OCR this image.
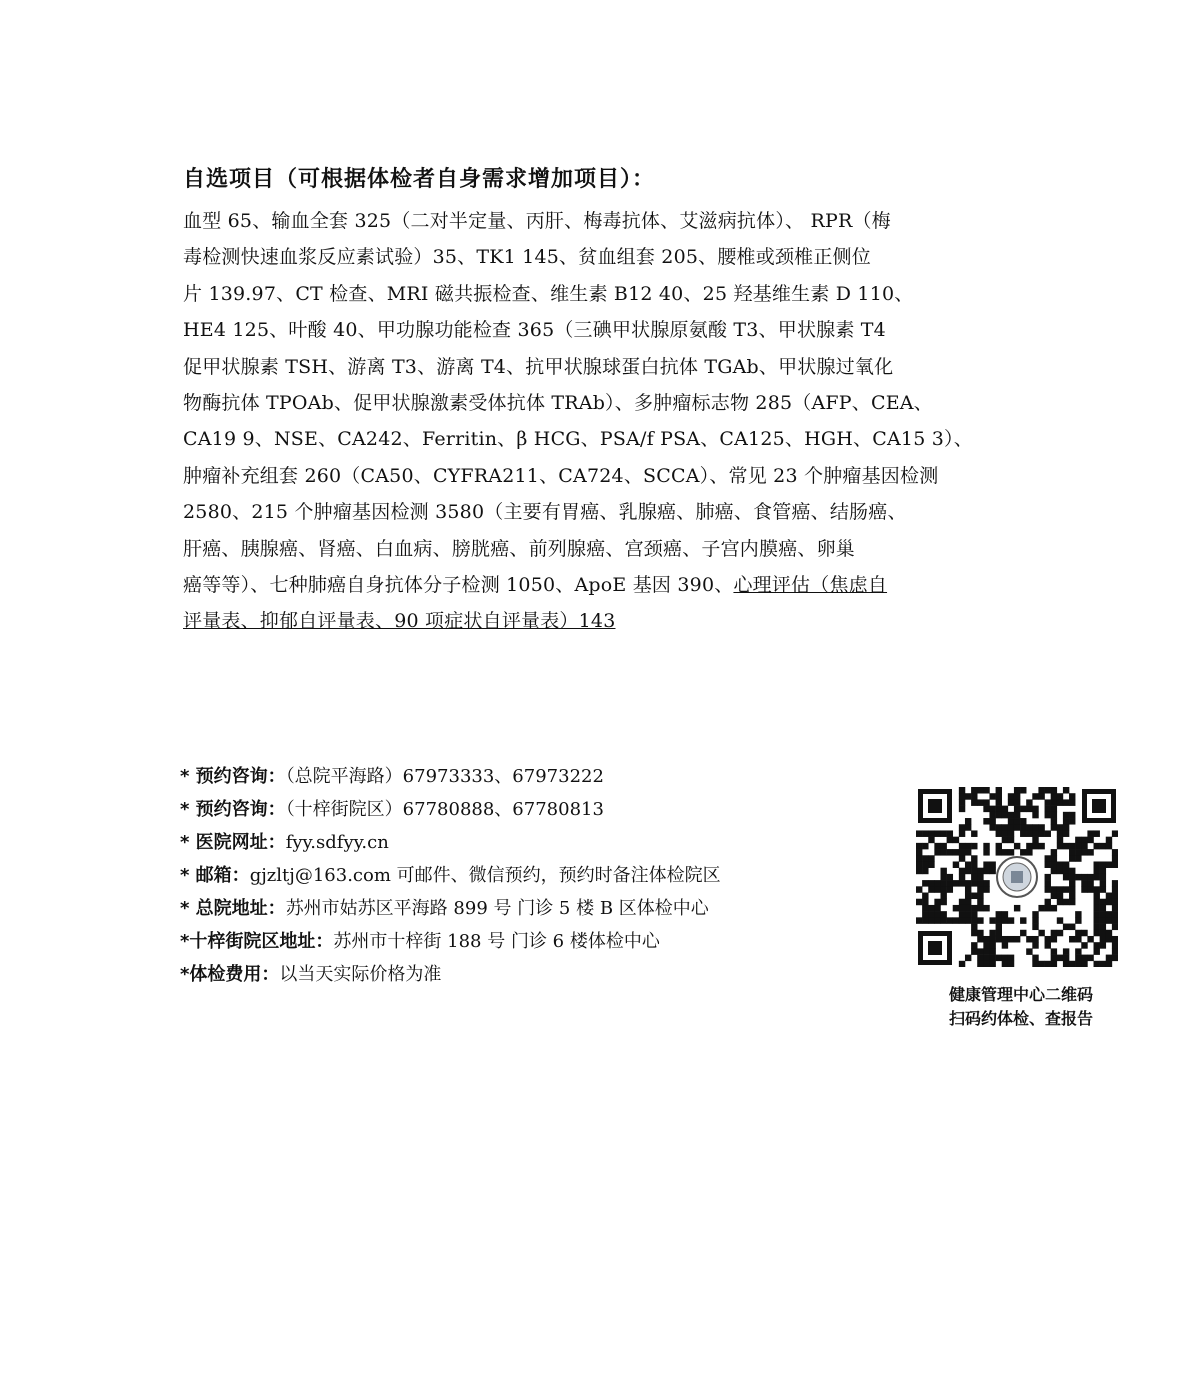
自选项目（可根据体检者自身需求增加项目）：
血型 65、输血全套 325（二对半定量、丙肝、梅毒抗体、艾滋病抗体）、 RPR（梅
毒检测快速血浆反应素试验）35、TK1 145、贫血组套 205、腰椎或颈椎正侧位
片 139.97、CT 检查、MRI 磁共振检查、维生素 B12 40、25 羟基维生素 D 110、
HE4 125、叶酸 40、甲功腺功能检查 365（三碘甲状腺原氨酸 T3、甲状腺素 T4
促甲状腺素 TSH、游离 T3、游离 T4、抗甲状腺球蛋白抗体 TGAb、甲状腺过氧化
物酶抗体 TPOAb、促甲状腺激素受体抗体 TRAb）、多肿瘤标志物 285（AFP、CEA、
CA19 9、NSE、CA242、Ferritin、β HCG、PSA/f PSA、CA125、HGH、CA15 3）、
肿瘤补充组套 260（CA50、CYFRA211、CA724、SCCA）、常见 23 个肿瘤基因检测
2580、215 个肿瘤基因检测 3580（主要有胃癌、乳腺癌、肺癌、食管癌、结肠癌、
肝癌、胰腺癌、肾癌、白血病、膀胱癌、前列腺癌、宫颈癌、子宫内膜癌、卵巢
癌等等）、七种肺癌自身抗体分子检测 1050、ApoE 基因 390、心理评估（焦虑自
评量表、抑郁自评量表、90 项症状自评量表）143
* 预约咨询：（总院平海路）67973333、67973222
* 预约咨询：（十梓街院区）67780888、67780813
* 医院网址：fyy.sdfyy.cn
* 邮箱：gjzltj@163.com 可邮件、微信预约，预约时备注体检院区
* 总院地址：苏州市姑苏区平海路 899 号 门诊 5 楼 B 区体检中心
*十梓街院区地址：苏州市十梓街 188 号 门诊 6 楼体检中心
*体检费用：以当天实际价格为准
健康管理中心二维码
扫码约体检、查报告
